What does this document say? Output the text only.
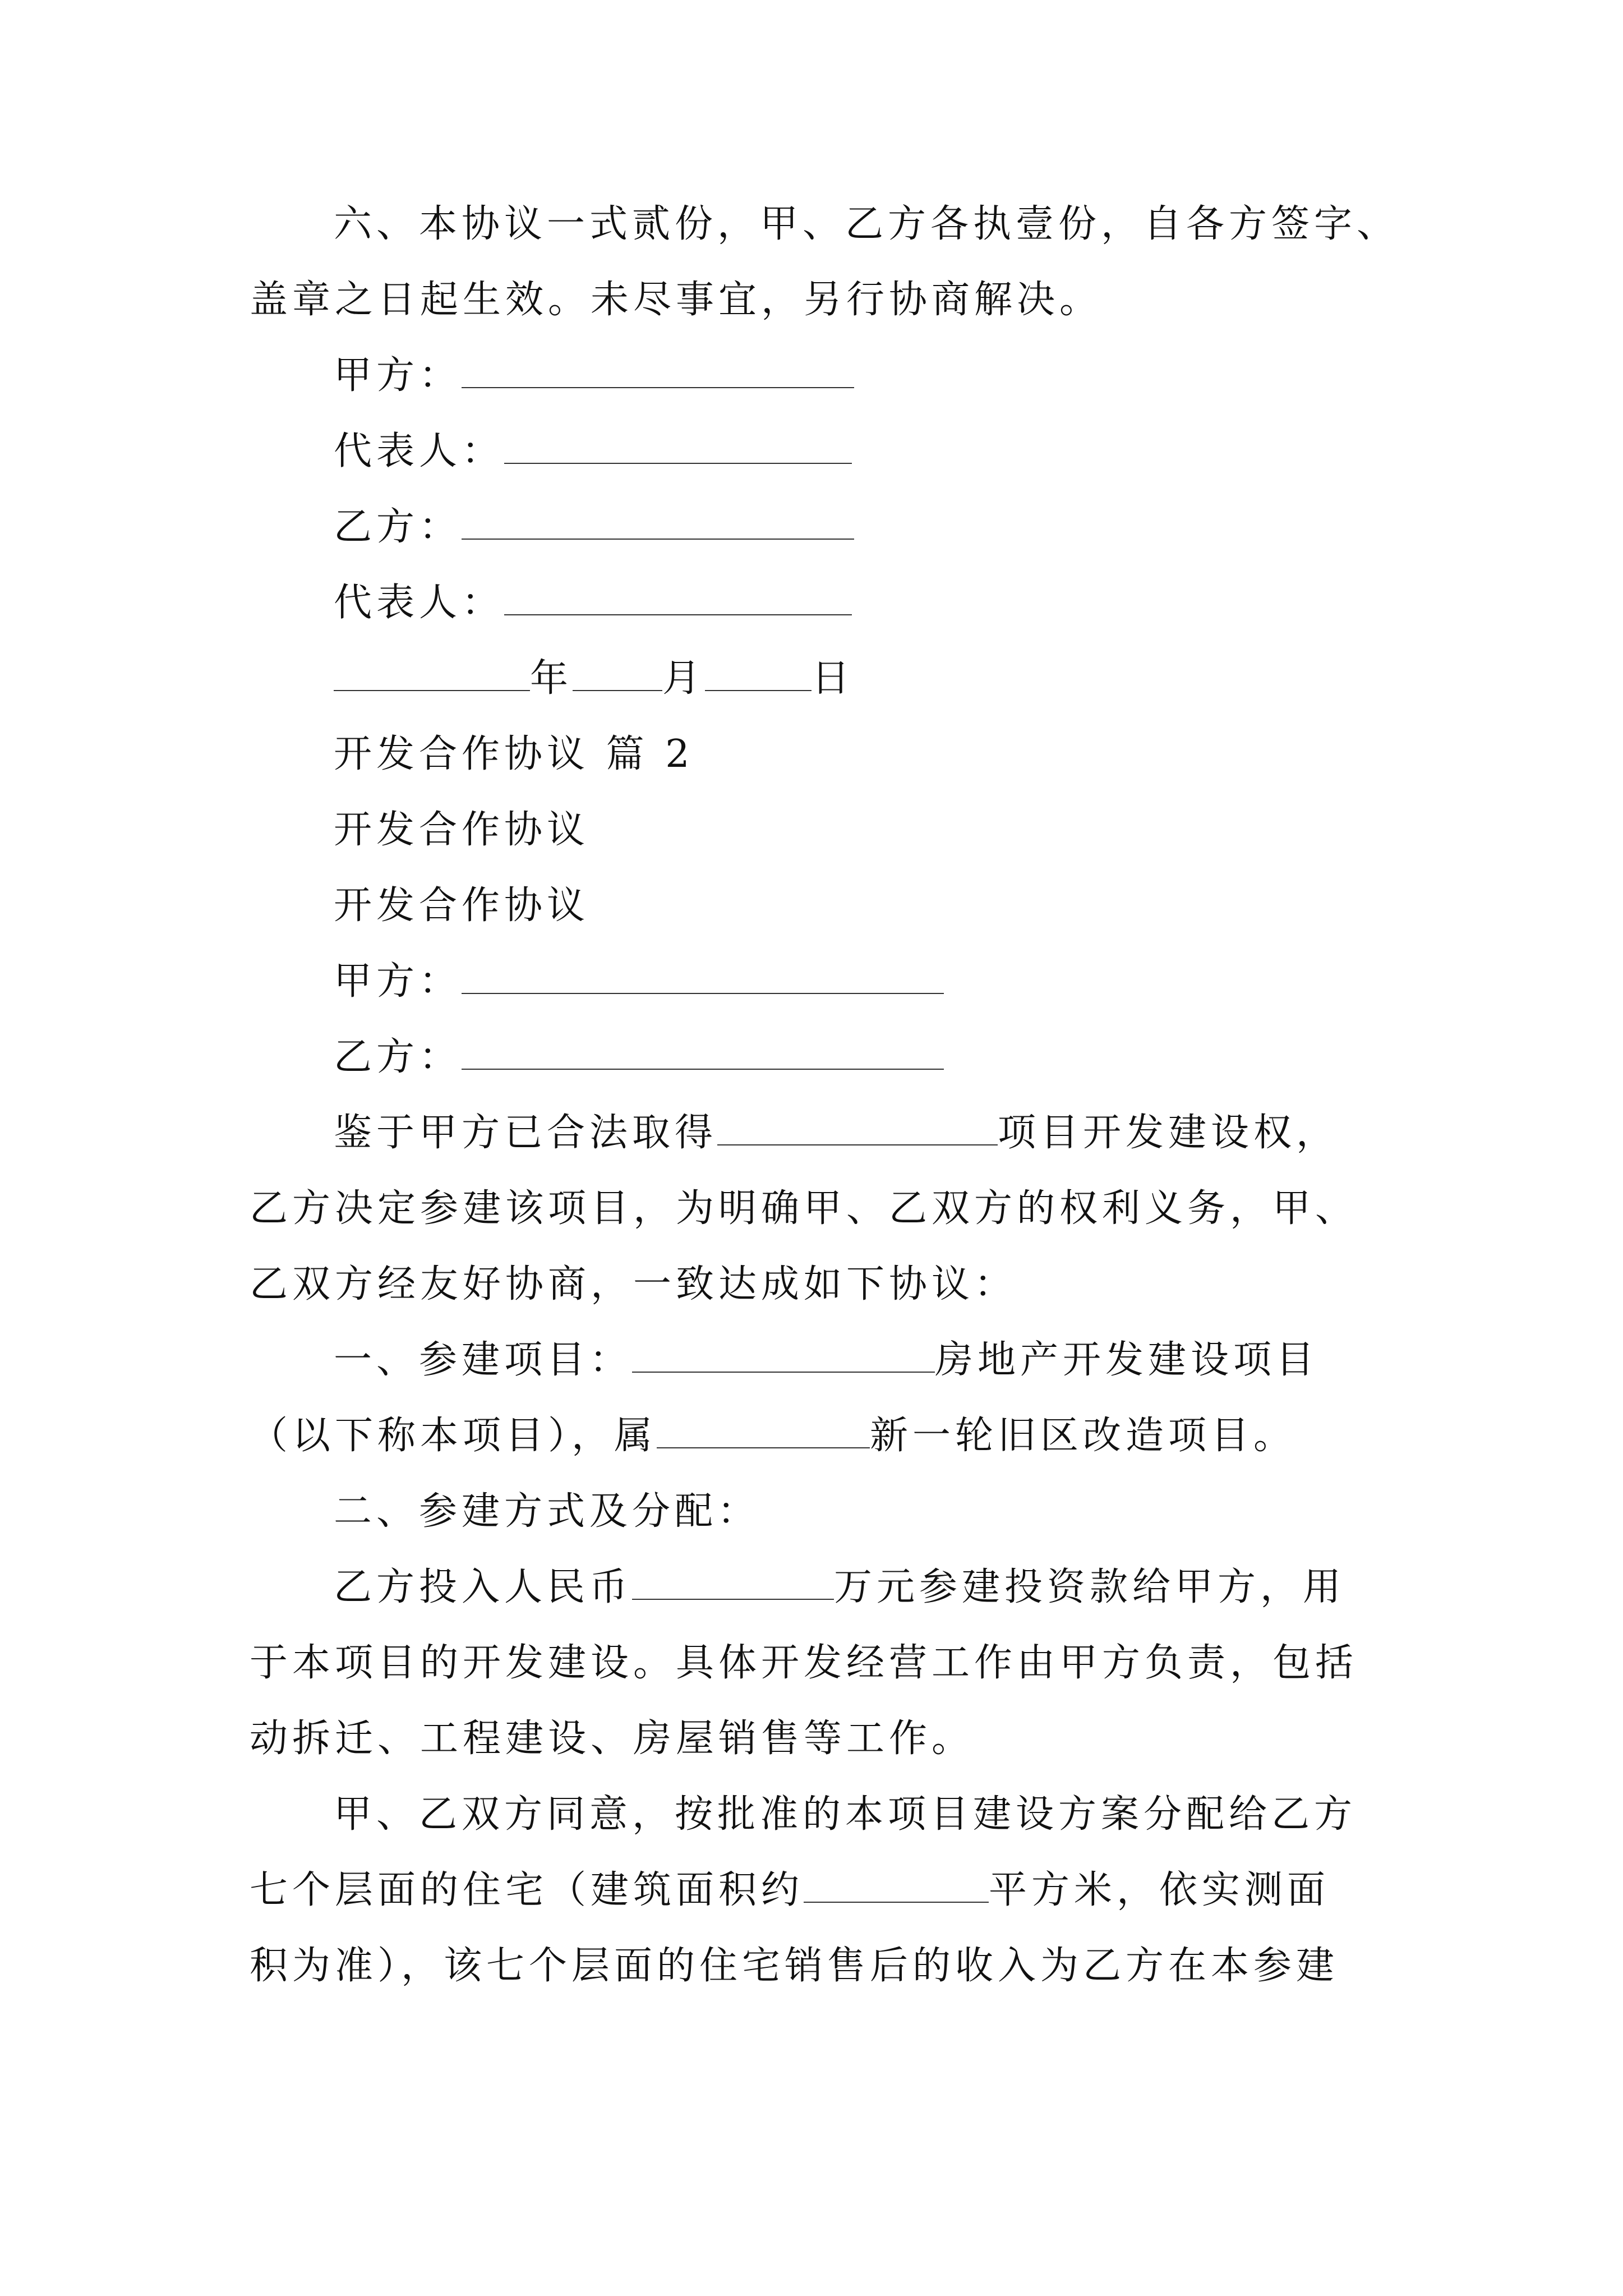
六、本协议一式贰份，甲、乙方各执壹份，自各方签字、
盖章之日起生效。未尽事宜，另行协商解决。
甲方：
代表人：
乙方：
代表人：
年 月	日
开发合作协议 篇 2
开发合作协议
开发合作协议
甲方：
乙方：
鉴于甲方已合法取得	项目开发建设权，
乙方决定参建该项目，为明确甲、乙双方的权利义务，甲、
乙双方经友好协商，一致达成如下协议：
一、参建项目：	房地产开发建设项目
（以下称本项目），属	新一轮旧区改造项目。
二、参建方式及分配：
乙方投入人民币	万元参建投资款给甲方，用
于本项目的开发建设。具体开发经营工作由甲方负责，包括
动拆迁、工程建设、房屋销售等工作。
甲、乙双方同意，按批准的本项目建设方案分配给乙方
七个层面的住宅（建筑面积约	平方米，依实测面
积为准），该七个层面的住宅销售后的收入为乙方在本参建
